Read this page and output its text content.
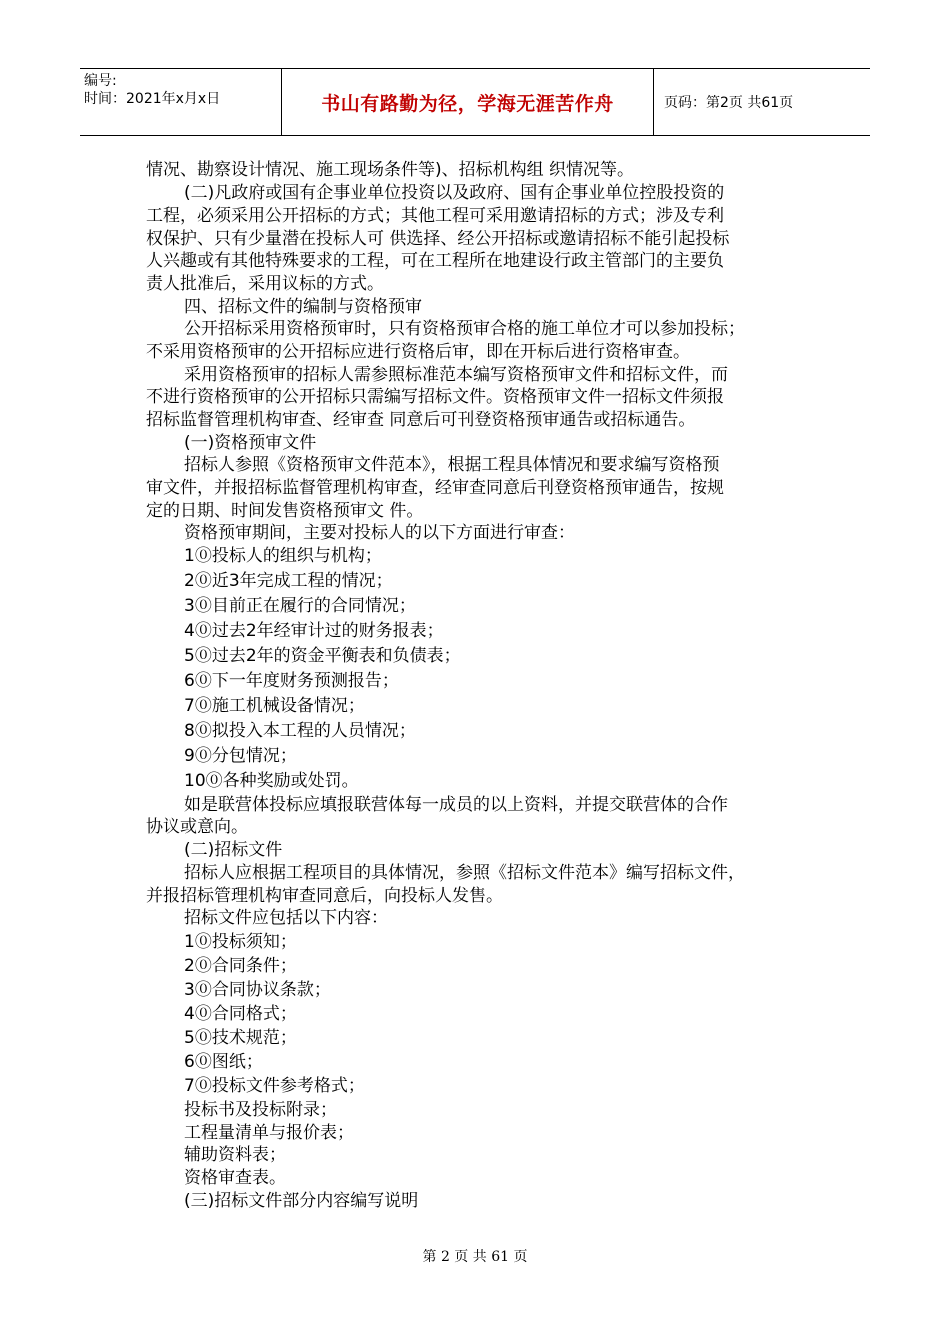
编号:
时间：2021年x月x日	书山有路勤为径，学海无涯苦作舟	页码：第2页 共61页
情况、勘察设计情况、施工现场条件等)、招标机构组 织情况等。
(二)凡政府或国有企事业单位投资以及政府、国有企事业单位控股投资的
工程，必须采用公开招标的方式；其他工程可采用邀请招标的方式；涉及专利
权保护、只有少量潜在投标人可 供选择、经公开招标或邀请招标不能引起投标
人兴趣或有其他特殊要求的工程，可在工程所在地建设行政主管部门的主要负
责人批准后，采用议标的方式。
四、招标文件的编制与资格预审
公开招标采用资格预审时，只有资格预审合格的施工单位才可以参加投标；
不采用资格预审的公开招标应进行资格后审，即在开标后进行资格审查。
采用资格预审的招标人需参照标准范本编写资格预审文件和招标文件，而
不进行资格预审的公开招标只需编写招标文件。资格预审文件一招标文件须报
招标监督管理机构审查、经审查 同意后可刊登资格预审通告或招标通告。
(一)资格预审文件
招标人参照《资格预审文件范本》，根据工程具体情况和要求编写资格预
审文件，并报招标监督管理机构审查，经审查同意后刊登资格预审通告，按规
定的日期、时间发售资格预审文 件。
资格预审期间，主要对投标人的以下方面进行审查：
1⓪投标人的组织与机构；
2⓪近3年完成工程的情况；
3⓪目前正在履行的合同情况；
4⓪过去2年经审计过的财务报表；
5⓪过去2年的资金平衡表和负债表；
6⓪下一年度财务预测报告；
7⓪施工机械设备情况；
8⓪拟投入本工程的人员情况；
9⓪分包情况；
10⓪各种奖励或处罚。
如是联营体投标应填报联营体每一成员的以上资料，并提交联营体的合作
协议或意向。
(二)招标文件
招标人应根据工程项目的具体情况，参照《招标文件范本》编写招标文件，
并报招标管理机构审查同意后，向投标人发售。
招标文件应包括以下内容：
1⓪投标须知；
2⓪合同条件；
3⓪合同协议条款；
4⓪合同格式；
5⓪技术规范；
6⓪图纸；
7⓪投标文件参考格式；
投标书及投标附录；
工程量清单与报价表；
辅助资料表；
资格审查表。
(三)招标文件部分内容编写说明
第 2 页 共 61 页
